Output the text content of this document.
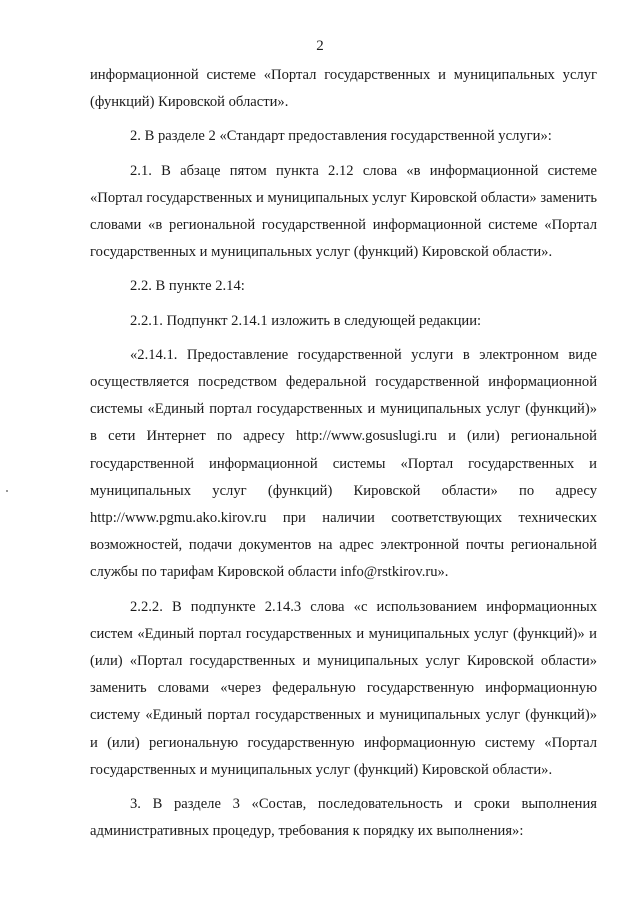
2

информационной системе «Портал государственных и муниципальных услуг (функций) Кировской области».

2. В разделе 2 «Стандарт предоставления государственной услуги»:

2.1. В абзаце пятом пункта 2.12 слова «в информационной системе «Портал государственных и муниципальных услуг Кировской области» заменить словами «в региональной государственной информационной системе «Портал государственных и муниципальных услуг (функций) Кировской области».

2.2. В пункте 2.14:

2.2.1. Подпункт 2.14.1 изложить в следующей редакции:

«2.14.1. Предоставление государственной услуги в электронном виде осуществляется посредством федеральной государственной информационной системы «Единый портал государственных и муниципальных услуг (функций)» в сети Интернет по адресу http://www.gosuslugi.ru и (или) региональной государственной информационной системы «Портал государственных и муниципальных услуг (функций) Кировской области» по адресу http://www.pgmu.ako.kirov.ru при наличии соответствующих технических возможностей, подачи документов на адрес электронной почты региональной службы по тарифам Кировской области info@rstkirov.ru».

2.2.2. В подпункте 2.14.3 слова «с использованием информационных систем «Единый портал государственных и муниципальных услуг (функций)» и (или) «Портал государственных и муниципальных услуг Кировской области» заменить словами «через федеральную государственную информационную систему «Единый портал государственных и муниципальных услуг (функций)» и (или) региональную государственную информационную систему «Портал государственных и муниципальных услуг (функций) Кировской области».

3. В разделе 3 «Состав, последовательность и сроки выполнения административных процедур, требования к порядку их выполнения»:
